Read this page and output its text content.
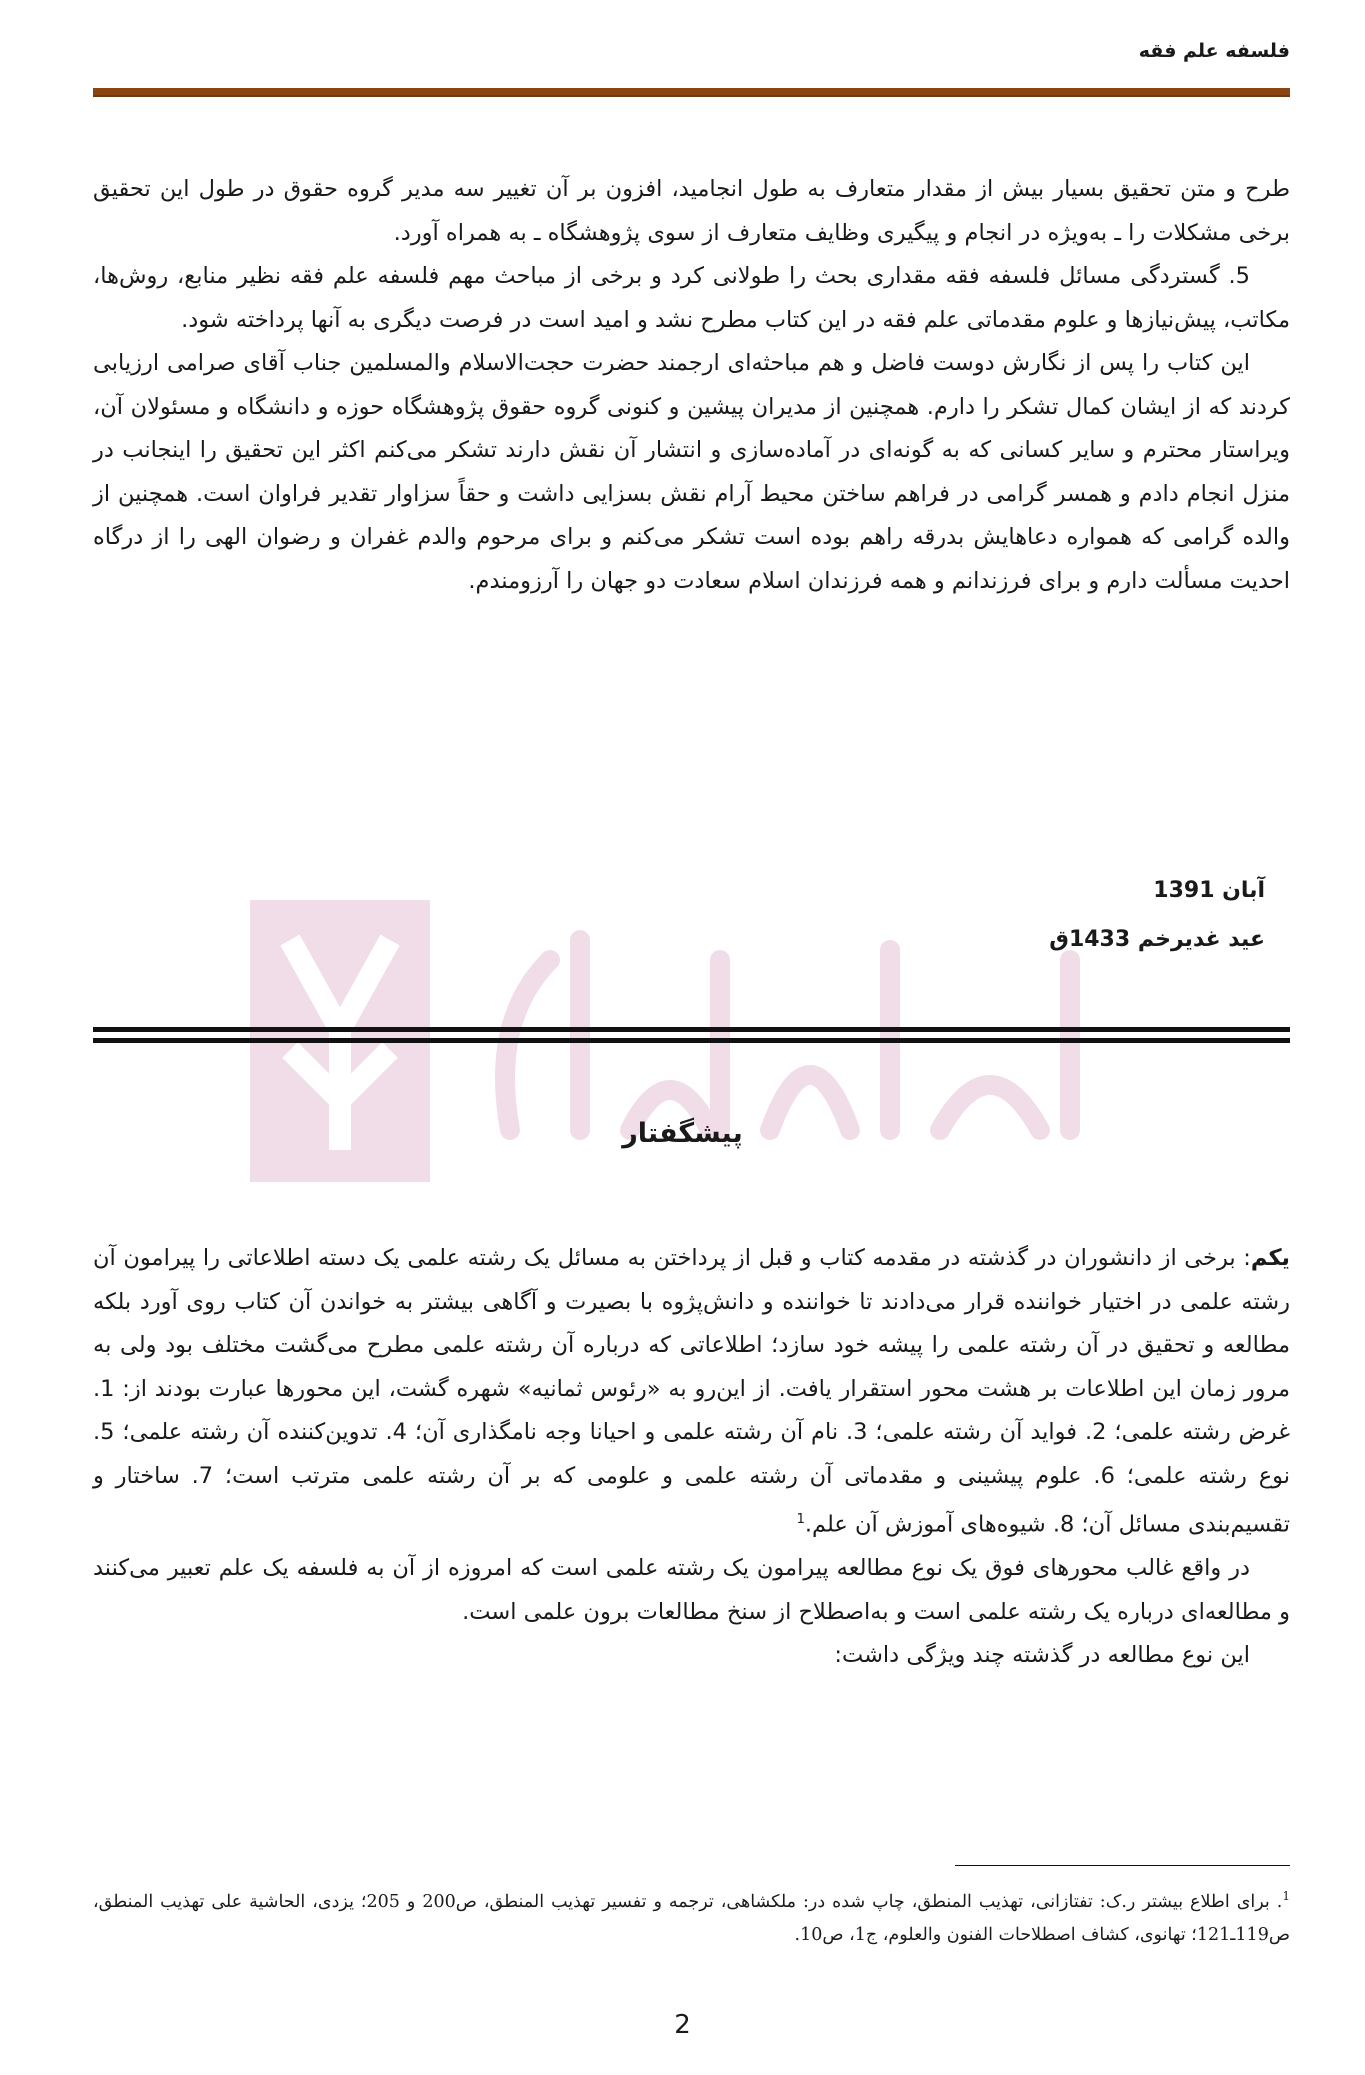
فلسفه علم فقه

طرح و متن تحقیق بسیار بیش از مقدار متعارف به طول انجامید، افزون بر آن تغییر سه مدیر گروه حقوق در طول این تحقیق برخی مشکلات را ـ به‌ویژه در انجام و پیگیری وظایف متعارف از سوی پژوهشگاه ـ به همراه آورد.

5. گستردگی مسائل فلسفه فقه مقداری بحث را طولانی کرد و برخی از مباحث مهم فلسفه علم فقه نظیر منابع، روش‌ها، مکاتب، پیش‌نیازها و علوم مقدماتی علم فقه در این کتاب مطرح نشد و امید است در فرصت دیگری به آنها پرداخته شود.

این کتاب را پس از نگارش دوست فاضل و هم مباحثه‌ای ارجمند حضرت حجت‌الاسلام والمسلمین جناب آقای صرامی ارزیابی کردند که از ایشان کمال تشکر را دارم. همچنین از مدیران پیشین و کنونی گروه حقوق پژوهشگاه حوزه و دانشگاه و مسئولان آن، ویراستار محترم و سایر کسانی که به گونه‌ای در آماده‌سازی و انتشار آن نقش دارند تشکر می‌کنم اکثر این تحقیق را اینجانب در منزل انجام دادم و همسر گرامی در فراهم ساختن محیط آرام نقش بسزایی داشت و حقاً سزاوار تقدیر فراوان است. همچنین از والده گرامی که همواره دعاهایش بدرقه راهم بوده است تشکر می‌کنم و برای مرحوم والدم غفران و رضوان الهی را از درگاه احدیت مسألت دارم و برای فرزندانم و همه فرزندان اسلام سعادت دو جهان را آرزومندم.

آبان 1391
عید غدیرخم 1433ق
پیشگفتار

یکم: برخی از دانشوران در گذشته در مقدمه کتاب و قبل از پرداختن به مسائل یک رشته علمی یک دسته اطلاعاتی را پیرامون آن رشته علمی در اختیار خواننده قرار می‌دادند تا خواننده و دانش‌پژوه با بصیرت و آگاهی بیشتر به خواندن آن کتاب روی آورد بلکه مطالعه و تحقیق در آن رشته علمی را پیشه خود سازد؛ اطلاعاتی که درباره آن رشته علمی مطرح می‌گشت مختلف بود ولی به مرور زمان این اطلاعات بر هشت محور استقرار یافت. از این‌رو به «رئوس ثمانیه» شهره گشت، این محورها عبارت بودند از: 1. غرض رشته علمی؛ 2. فواید آن رشته علمی؛ 3. نام آن رشته علمی و احیانا وجه نامگذاری آن؛ 4. تدوین‌کننده آن رشته علمی؛ 5. نوع رشته علمی؛ 6. علوم پیشینی و مقدماتی آن رشته علمی و علومی که بر آن رشته علمی مترتب است؛ 7. ساختار و تقسیم‌بندی مسائل آن؛ 8. شیوه‌های آموزش آن علم.$^1$

در واقع غالب محورهای فوق یک نوع مطالعه پیرامون یک رشته علمی است که امروزه از آن به فلسفه یک علم تعبیر می‌کنند و مطالعه‌ای درباره یک رشته علمی است و به‌اصطلاح از سنخ مطالعات برون علمی است.

این نوع مطالعه در گذشته چند ویژگی داشت:

$^1$. برای اطلاع بیشتر ر.ک: تفتازانی، تهذیب المنطق، چاپ شده در: ملکشاهی، ترجمه و تفسیر تهذیب المنطق، ص200 و 205؛ یزدی، الحاشیة علی تهذیب المنطق، ص119ـ121؛ تهانوی، کشاف اصطلاحات الفنون والعلوم، ج1، ص10.
2
